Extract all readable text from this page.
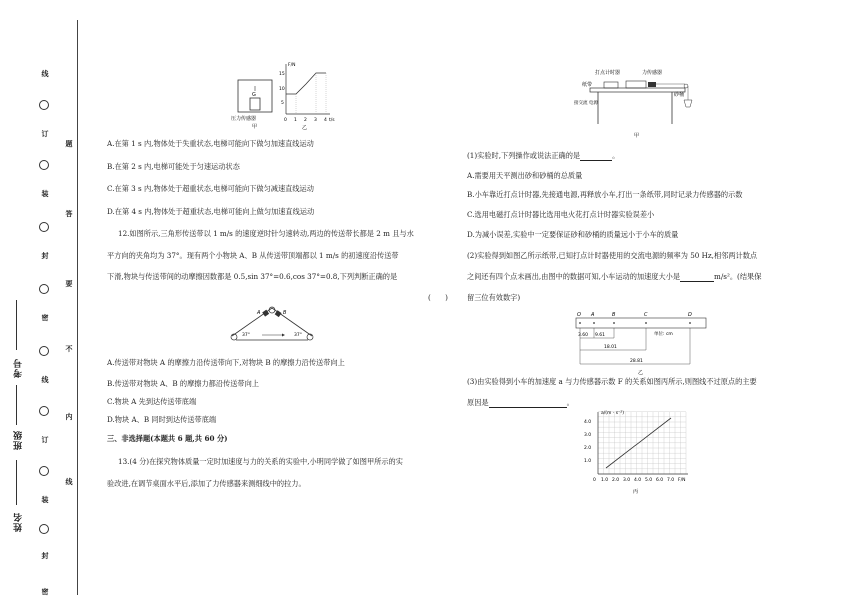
线
订
装
封
密
线
订
装
封
密
题
答
要
不
内
线
考号
班级
姓名
G
压力传感器
甲
F/N
15
10
5
0 1 2 3 4 t/s
乙
A.在第 1 s 内,物体处于失重状态,电梯可能向下做匀加速直线运动
B.在第 2 s 内,电梯可能处于匀速运动状态
C.在第 3 s 内,物体处于超重状态,电梯可能向下做匀减速直线运动
D.在第 4 s 内,物体处于超重状态,电梯可能向上做匀加速直线运动
12.如图所示,三角形传送带以 1 m/s 的速度逆时针匀速转动,两边的传送带长都是 2 m 且与水
平方向的夹角均为 37°。现有两个小物块 A、B 从传送带顶端都以 1 m/s 的初速度沿传送带
下滑,物块与传送带间的动摩擦因数都是 0.5,sin 37°=0.6,cos 37°=0.8,下列判断正确的是
(　　)
A	B
37°	37°
A.传送带对物块 A 的摩擦力沿传送带向下,对物块 B 的摩擦力沿传送带向上
B.传送带对物块 A、B 的摩擦力都沿传送带向上
C.物块 A 先到达传送带底端
D.物块 A、B 同时到达传送带底端
三、非选择题(本题共 6 题,共 60 分)
13.(4 分)在探究物体质量一定时加速度与力的关系的实验中,小明同学做了如图甲所示的实
验改进,在调节桌面水平后,添加了力传感器来测细线中的拉力。
打点计时器	力传感器
纸带
接交流 电源
砂桶
甲
(1)实验时,下列操作或说法正确的是	。
A.需要用天平测出砂和砂桶的总质量
B.小车靠近打点计时器,先接通电源,再释放小车,打出一条纸带,同时记录力传感器的示数
C.选用电磁打点计时器比选用电火花打点计时器实验误差小
D.为减小误差,实验中一定要保证砂和砂桶的质量远小于小车的质量
(2)实验得到如图乙所示纸带,已知打点计时器使用的交流电源的频率为 50 Hz,相邻两计数点
之间还有四个点未画出,由图中的数据可知,小车运动的加速度大小是	m/s²。(结果保
留三位有效数字)
O A	B	C	D
单位: cm
3.60 9.61
18.01
28.81
乙
(3)由实验得到小车的加速度 a 与力传感器示数 F 的关系如图丙所示,则图线不过原点的主要
原因是	。
a/(m · s⁻²)
4.0
3.0
2.0
1.0
0 1.0 2.0 3.0 4.0 5.0 6.0 7.0 F/N
丙
